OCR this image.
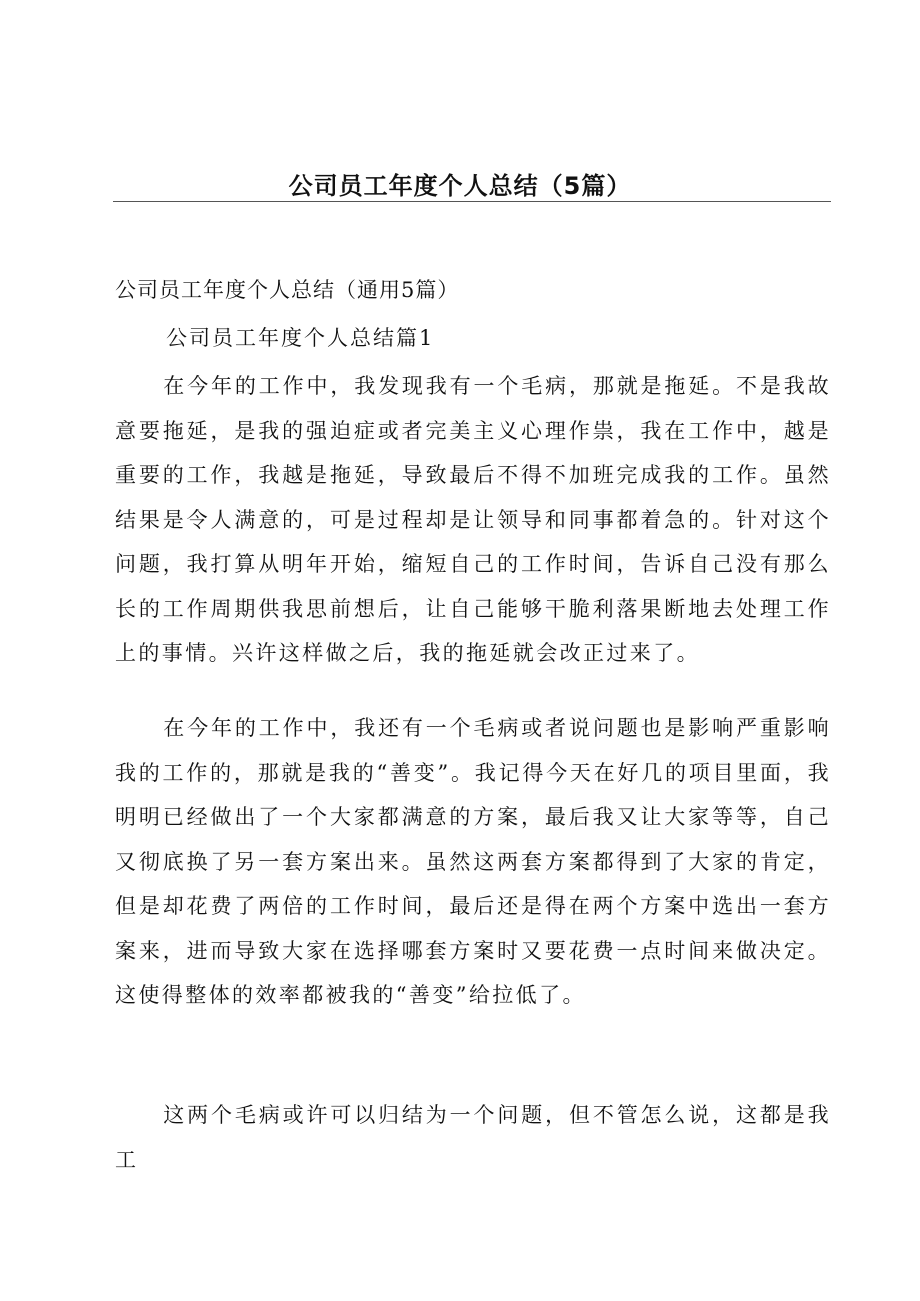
公司员工年度个人总结（5篇）
公司员工年度个人总结（通用5篇）
公司员工年度个人总结篇1
在今年的工作中，我发现我有一个毛病，那就是拖延。不是我故意要拖延，是我的强迫症或者完美主义心理作祟，我在工作中，越是重要的工作，我越是拖延，导致最后不得不加班完成我的工作。虽然结果是令人满意的，可是过程却是让领导和同事都着急的。针对这个问题，我打算从明年开始，缩短自己的工作时间，告诉自己没有那么长的工作周期供我思前想后，让自己能够干脆利落果断地去处理工作上的事情。兴许这样做之后，我的拖延就会改正过来了。
在今年的工作中，我还有一个毛病或者说问题也是影响严重影响我的工作的，那就是我的“善变”。我记得今天在好几的项目里面，我明明已经做出了一个大家都满意的方案，最后我又让大家等等，自己又彻底换了另一套方案出来。虽然这两套方案都得到了大家的肯定，但是却花费了两倍的工作时间，最后还是得在两个方案中选出一套方案来，进而导致大家在选择哪套方案时又要花费一点时间来做决定。这使得整体的效率都被我的“善变”给拉低了。
这两个毛病或许可以归结为一个问题，但不管怎么说，这都是我工
